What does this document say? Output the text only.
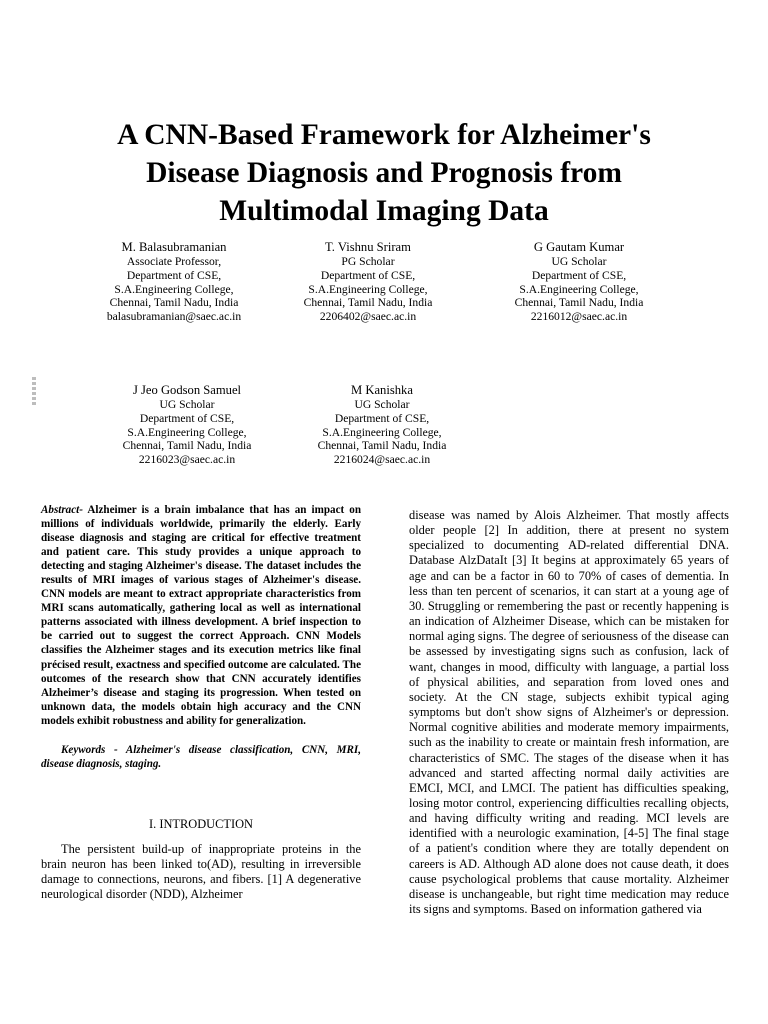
A CNN-Based Framework for Alzheimer's
Disease Diagnosis and Prognosis from
Multimodal Imaging Data
M. Balasubramanian
Associate Professor,
Department of CSE,
S.A.Engineering College,
Chennai, Tamil Nadu, India
balasubramanian@saec.ac.in
T. Vishnu Sriram
PG Scholar
Department of CSE,
S.A.Engineering College,
Chennai, Tamil Nadu, India
2206402@saec.ac.in
G Gautam Kumar
UG Scholar
Department of CSE,
S.A.Engineering College,
Chennai, Tamil Nadu, India
2216012@saec.ac.in
J Jeo Godson Samuel
UG Scholar
Department of CSE,
S.A.Engineering College,
Chennai, Tamil Nadu, India
2216023@saec.ac.in
M Kanishka
UG Scholar
Department of CSE,
S.A.Engineering College,
Chennai, Tamil Nadu, India
2216024@saec.ac.in

Abstract- Alzheimer is a brain imbalance that has an impact on millions of individuals worldwide, primarily the elderly. Early disease diagnosis and staging are critical for effective treatment and patient care. This study provides a unique approach to detecting and staging Alzheimer's disease. The dataset includes the results of MRI images of various stages of Alzheimer's disease. CNN models are meant to extract appropriate characteristics from MRI scans automatically, gathering local as well as international patterns associated with illness development. A brief inspection to be carried out to suggest the correct Approach. CNN Models classifies the Alzheimer stages and its execution metrics like final précised result, exactness and specified outcome are calculated. The outcomes of the research show that CNN accurately identifies Alzheimer’s disease and staging its progression. When tested on unknown data, the models obtain high accuracy and the CNN models exhibit robustness and ability for generalization.

Keywords - Alzheimer's disease classification, CNN, MRI, disease diagnosis, staging.

I. INTRODUCTION

The persistent build-up of inappropriate proteins in the brain neuron has been linked to(AD), resulting in irreversible damage to connections, neurons, and fibers. [1] A degenerative neurological disorder (NDD), Alzheimer

disease was named by Alois Alzheimer. That mostly affects older people [2] In addition, there at present no system specialized to documenting AD-related differential DNA. Database AlzDataIt [3] It begins at approximately 65 years of age and can be a factor in 60 to 70% of cases of dementia. In less than ten percent of scenarios, it can start at a young age of 30. Struggling or remembering the past or recently happening is an indication of Alzheimer Disease, which can be mistaken for normal aging signs. The degree of seriousness of the disease can be assessed by investigating signs such as confusion, lack of want, changes in mood, difficulty with language, a partial loss of physical abilities, and separation from loved ones and society. At the CN stage, subjects exhibit typical aging symptoms but don't show signs of Alzheimer's or depression. Normal cognitive abilities and moderate memory impairments, such as the inability to create or maintain fresh information, are characteristics of SMC. The stages of the disease when it has advanced and started affecting normal daily activities are EMCI, MCI, and LMCI. The patient has difficulties speaking, losing motor control, experiencing difficulties recalling objects, and having difficulty writing and reading. MCI levels are identified with a neurologic examination, [4-5] The final stage of a patient's condition where they are totally dependent on careers is AD. Although AD alone does not cause death, it does cause psychological problems that cause mortality. Alzheimer disease is unchangeable, but right time medication may reduce its signs and symptoms. Based on information gathered via
